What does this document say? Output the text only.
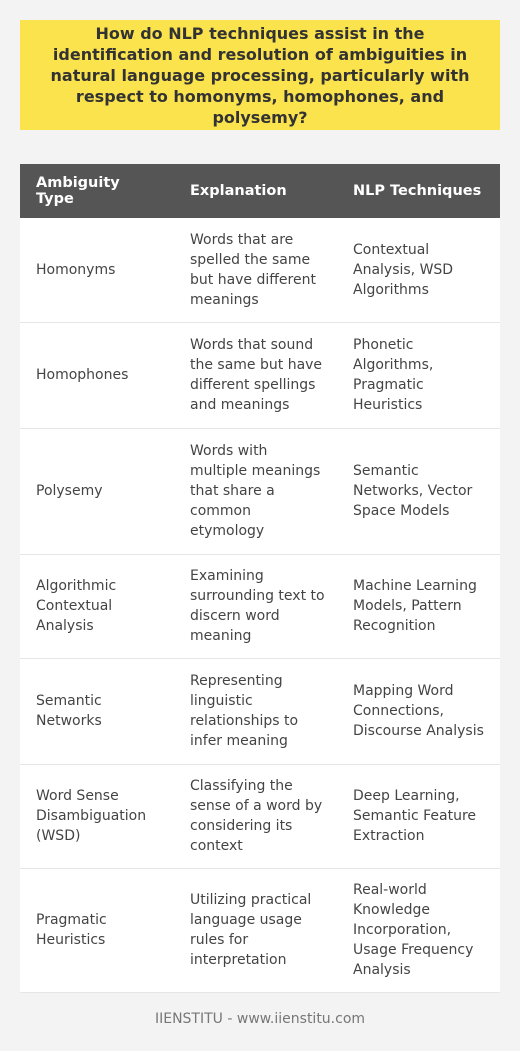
How do NLP techniques assist in the identification and resolution of ambiguities in natural language processing, particularly with respect to homonyms, homophones, and polysemy?

Ambiguity Type	Explanation	NLP Techniques
Homonyms	Words that are spelled the same but have different meanings	Contextual Analysis, WSD Algorithms
Homophones	Words that sound the same but have different spellings and meanings	Phonetic Algorithms, Pragmatic Heuristics
Polysemy	Words with multiple meanings that share a common etymology	Semantic Networks, Vector Space Models
Algorithmic Contextual Analysis	Examining surrounding text to discern word meaning	Machine Learning Models, Pattern Recognition
Semantic Networks	Representing linguistic relationships to infer meaning	Mapping Word Connections, Discourse Analysis
Word Sense Disambiguation (WSD)	Classifying the sense of a word by considering its context	Deep Learning, Semantic Feature Extraction
Pragmatic Heuristics	Utilizing practical language usage rules for interpretation	Real-world Knowledge Incorporation, Usage Frequency Analysis
IIENSTITU - www.iienstitu.com
